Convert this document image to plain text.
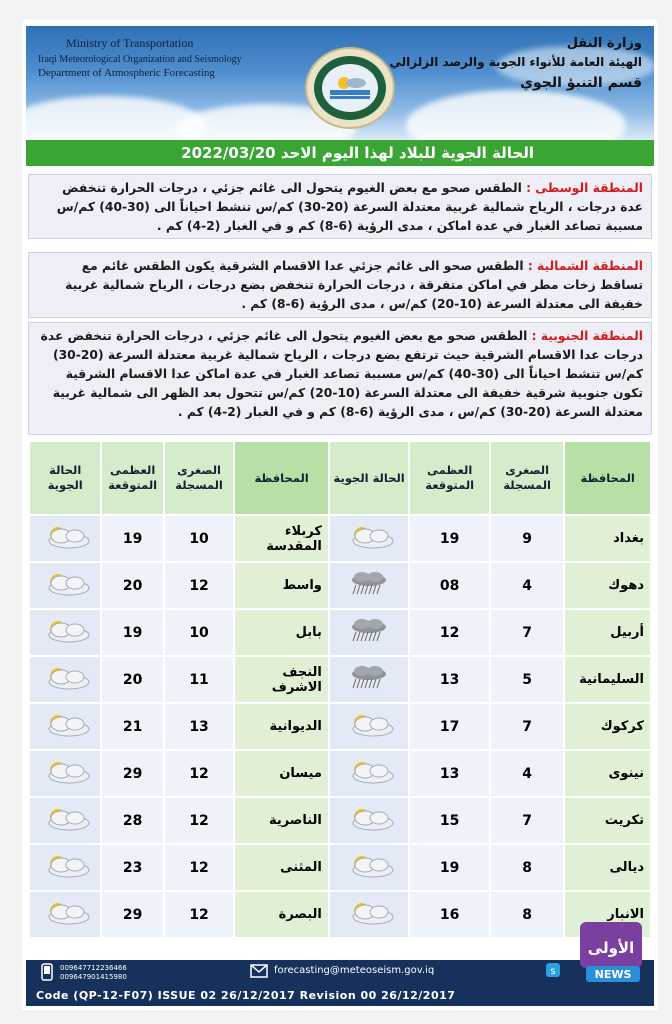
Ministry of Transportation
Iraqi Meteorological Organization and Seismology
Department of Atmospheric Forecasting
وزارة النقل
الهيئة العامة للأنواء الجوية والرصد الزلزالي
قسم التنبؤ الجوي
الحالة الجوية للبلاد لهذا اليوم الاحد 2022/03/20
المنطقة الوسطى : الطقس صحو مع بعض الغيوم يتحول الى غائم جزئي ، درجات الحرارة تنخفض عدة درجات ، الرياح شمالية غربية معتدلة السرعة (20-30) كم/س تنشط احياناً الى (30-40) كم/س مسببة تصاعد الغبار في عدة اماكن ، مدى الرؤية (6-8) كم و في الغبار (2-4) كم .
المنطقة الشمالية : الطقس صحو الى غائم جزئي عدا الاقسام الشرقية يكون الطقس غائم مع تساقط زخات مطر في اماكن متفرقة ، درجات الحرارة تنخفض بضع درجات ، الرياح شمالية غربية خفيفة الى معتدلة السرعة (10-20) كم/س ، مدى الرؤية (6-8) كم .
المنطقة الجنوبية : الطقس صحو مع بعض الغيوم يتحول الى غائم جزئي ، درجات الحرارة تنخفض عدة درجات عدا الاقسام الشرقية حيث ترتفع بضع درجات ، الرياح شمالية غربية معتدلة السرعة (20-30) كم/س تنشط احياناً الى (30-40) كم/س مسببة تصاعد الغبار في عدة اماكن عدا الاقسام الشرقية تكون جنوبية شرقية خفيفة الى معتدلة السرعة (10-20) كم/س تتحول بعد الظهر الى شمالية غربية معتدلة السرعة (20-30) كم/س ، مدى الرؤية (6-8) كم و في الغبار (2-4) كم .
الحالة الجوية	العظمى المتوقعة	الصغرى المسجلة	المحافظة	الحالة الجوية	العظمى المتوقعة	الصغرى المسجلة	المحافظة
	19	10	كربلاء المقدسة		19	9	بغداد
	20	12	واسط		08	4	دهوك
	19	10	بابل		12	7	أربيل
	20	11	النجف الاشرف		13	5	السليمانية
	21	13	الديوانية		17	7	كركوك
	29	12	ميسان		13	4	نينوى
	28	12	الناصرية		15	7	تكريت
	23	12	المثنى		19	8	ديالى
	29	12	البصرة		16	8	الانبار
009647712236466
009647901415980
forecasting@meteoseism.gov.iq	s
Code (QP-12-F07) ISSUE 02 26/12/2017 Revision 00 26/12/2017
الأولى
NEWS
